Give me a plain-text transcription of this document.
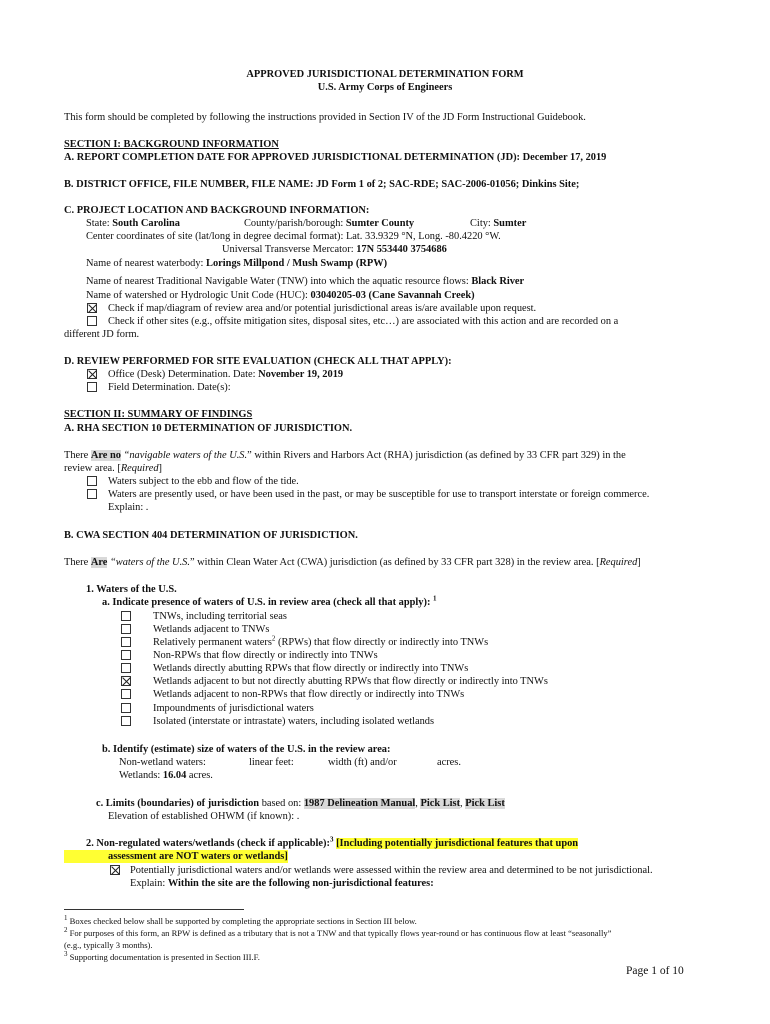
APPROVED JURISDICTIONAL DETERMINATION FORM
U.S. Army Corps of Engineers
This form should be completed by following the instructions provided in Section IV of the JD Form Instructional Guidebook.
SECTION I: BACKGROUND INFORMATION
A. REPORT COMPLETION DATE FOR APPROVED JURISDICTIONAL DETERMINATION (JD): December 17, 2019
B. DISTRICT OFFICE, FILE NUMBER, FILE NAME: JD Form 1 of 2; SAC-RDE; SAC-2006-01056; Dinkins Site;
C. PROJECT LOCATION AND BACKGROUND INFORMATION:
State: South Carolina	County/parish/borough: Sumter County	City: Sumter
Center coordinates of site (lat/long in degree decimal format): Lat. 33.9329 °N, Long. -80.4220 °W.
Universal Transverse Mercator: 17N 553440 3754686
Name of nearest waterbody: Lorings Millpond / Mush Swamp (RPW)
Name of nearest Traditional Navigable Water (TNW) into which the aquatic resource flows: Black River
Name of watershed or Hydrologic Unit Code (HUC): 03040205-03 (Cane Savannah Creek)
Check if map/diagram of review area and/or potential jurisdictional areas is/are available upon request.
Check if other sites (e.g., offsite mitigation sites, disposal sites, etc…) are associated with this action and are recorded on a
different JD form.
D. REVIEW PERFORMED FOR SITE EVALUATION (CHECK ALL THAT APPLY):
Office (Desk) Determination. Date: November 19, 2019
Field Determination. Date(s):
SECTION II: SUMMARY OF FINDINGS
A. RHA SECTION 10 DETERMINATION OF JURISDICTION.
There Are no “navigable waters of the U.S.” within Rivers and Harbors Act (RHA) jurisdiction (as defined by 33 CFR part 329) in the
review area. [Required]
Waters subject to the ebb and flow of the tide.
Waters are presently used, or have been used in the past, or may be susceptible for use to transport interstate or foreign commerce.
Explain: .
B. CWA SECTION 404 DETERMINATION OF JURISDICTION.
There Are “waters of the U.S.” within Clean Water Act (CWA) jurisdiction (as defined by 33 CFR part 328) in the review area. [Required]
1. Waters of the U.S.
a. Indicate presence of waters of U.S. in review area (check all that apply): $^1$
TNWs, including territorial seas
Wetlands adjacent to TNWs
Relatively permanent waters$^2$ (RPWs) that flow directly or indirectly into TNWs
Non-RPWs that flow directly or indirectly into TNWs
Wetlands directly abutting RPWs that flow directly or indirectly into TNWs
Wetlands adjacent to but not directly abutting RPWs that flow directly or indirectly into TNWs
Wetlands adjacent to non-RPWs that flow directly or indirectly into TNWs
Impoundments of jurisdictional waters
Isolated (interstate or intrastate) waters, including isolated wetlands
b. Identify (estimate) size of waters of the U.S. in the review area:
Non-wetland waters:	linear feet:	width (ft) and/or	acres.
Wetlands: 16.04 acres.
c. Limits (boundaries) of jurisdiction based on: 1987 Delineation Manual, Pick List, Pick List
Elevation of established OHWM (if known): .
2. Non-regulated waters/wetlands (check if applicable):$^3$ [Including potentially jurisdictional features that upon
assessment are NOT waters or wetlands]
Potentially jurisdictional waters and/or wetlands were assessed within the review area and determined to be not jurisdictional.
Explain: Within the site are the following non-jurisdictional features:
$^1$ Boxes checked below shall be supported by completing the appropriate sections in Section III below.
$^2$ For purposes of this form, an RPW is defined as a tributary that is not a TNW and that typically flows year-round or has continuous flow at least “seasonally”
(e.g., typically 3 months).
$^3$ Supporting documentation is presented in Section III.F.
Page 1 of 10
